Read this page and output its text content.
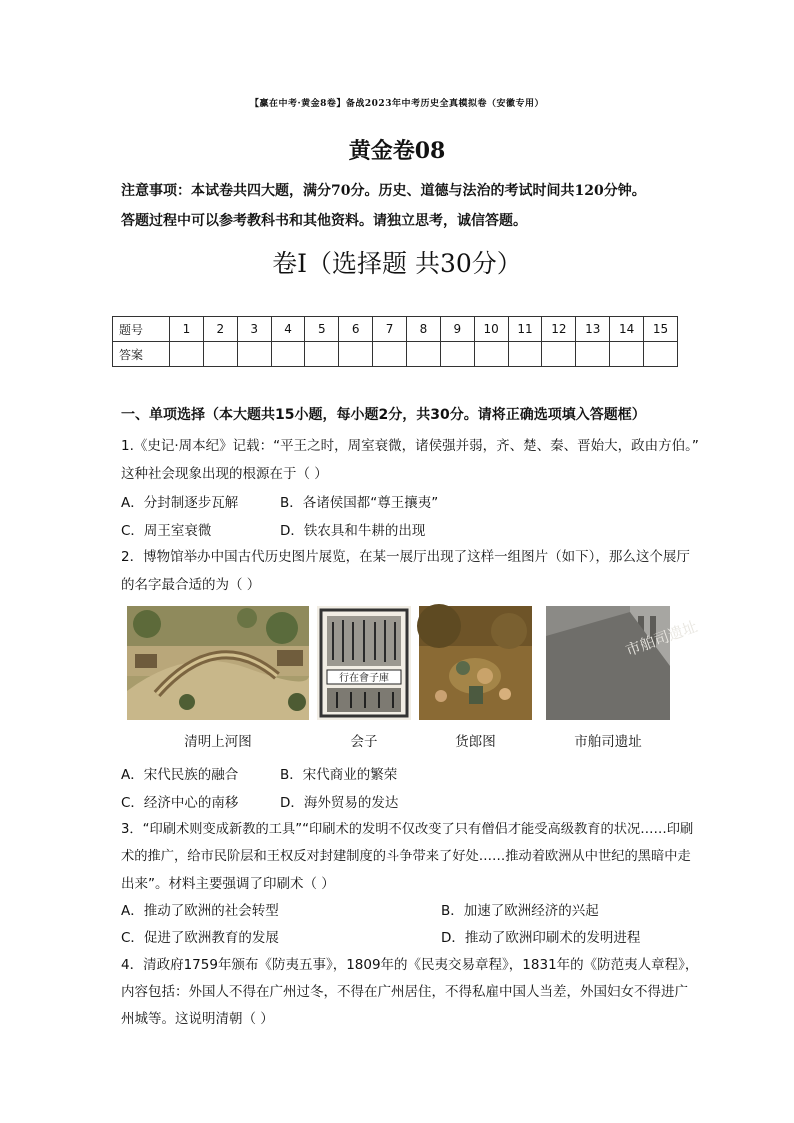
【赢在中考·黄金8卷】备战2023年中考历史全真模拟卷（安徽专用）
黄金卷08
注意事项：本试卷共四大题，满分70分。历史、道德与法治的考试时间共120分钟。
答题过程中可以参考教科书和其他资料。请独立思考，诚信答题。
卷Ⅰ（选择题 共30分）
题号	1	2	3	4	5	6	7	8	9	10	11	12	13	14	15
答案															
一、单项选择（本大题共15小题，每小题2分，共30分。请将正确选项填入答题框）
1.《史记·周本纪》记载：“平王之时，周室衰微，诸侯强并弱，齐、楚、秦、晋始大，政由方伯。”
这种社会现象出现的根源在于（ ）
A．分封制逐步瓦解	B．各诸侯国都“尊王攘夷”
C．周王室衰微	D．铁农具和牛耕的出现
2．博物馆举办中国古代历史图片展览，在某一展厅出现了这样一组图片（如下），那么这个展厅
的名字最合适的为（ ）
行在會子庫
市舶司遗址
清明上河图	会子	货郎图	市舶司遗址
A．宋代民族的融合	B．宋代商业的繁荣
C．经济中心的南移	D．海外贸易的发达
3．“印刷术则变成新教的工具”“印刷术的发明不仅改变了只有僧侣才能受高级教育的状况……印刷
术的推广，给市民阶层和王权反对封建制度的斗争带来了好处……推动着欧洲从中世纪的黑暗中走
出来”。材料主要强调了印刷术（ ）
A．推动了欧洲的社会转型	B．加速了欧洲经济的兴起
C．促进了欧洲教育的发展	D．推动了欧洲印刷术的发明进程
4．清政府1759年颁布《防夷五事》，1809年的《民夷交易章程》，1831年的《防范夷人章程》，
内容包括：外国人不得在广州过冬，不得在广州居住，不得私雇中国人当差，外国妇女不得进广
州城等。这说明清朝（ ）
